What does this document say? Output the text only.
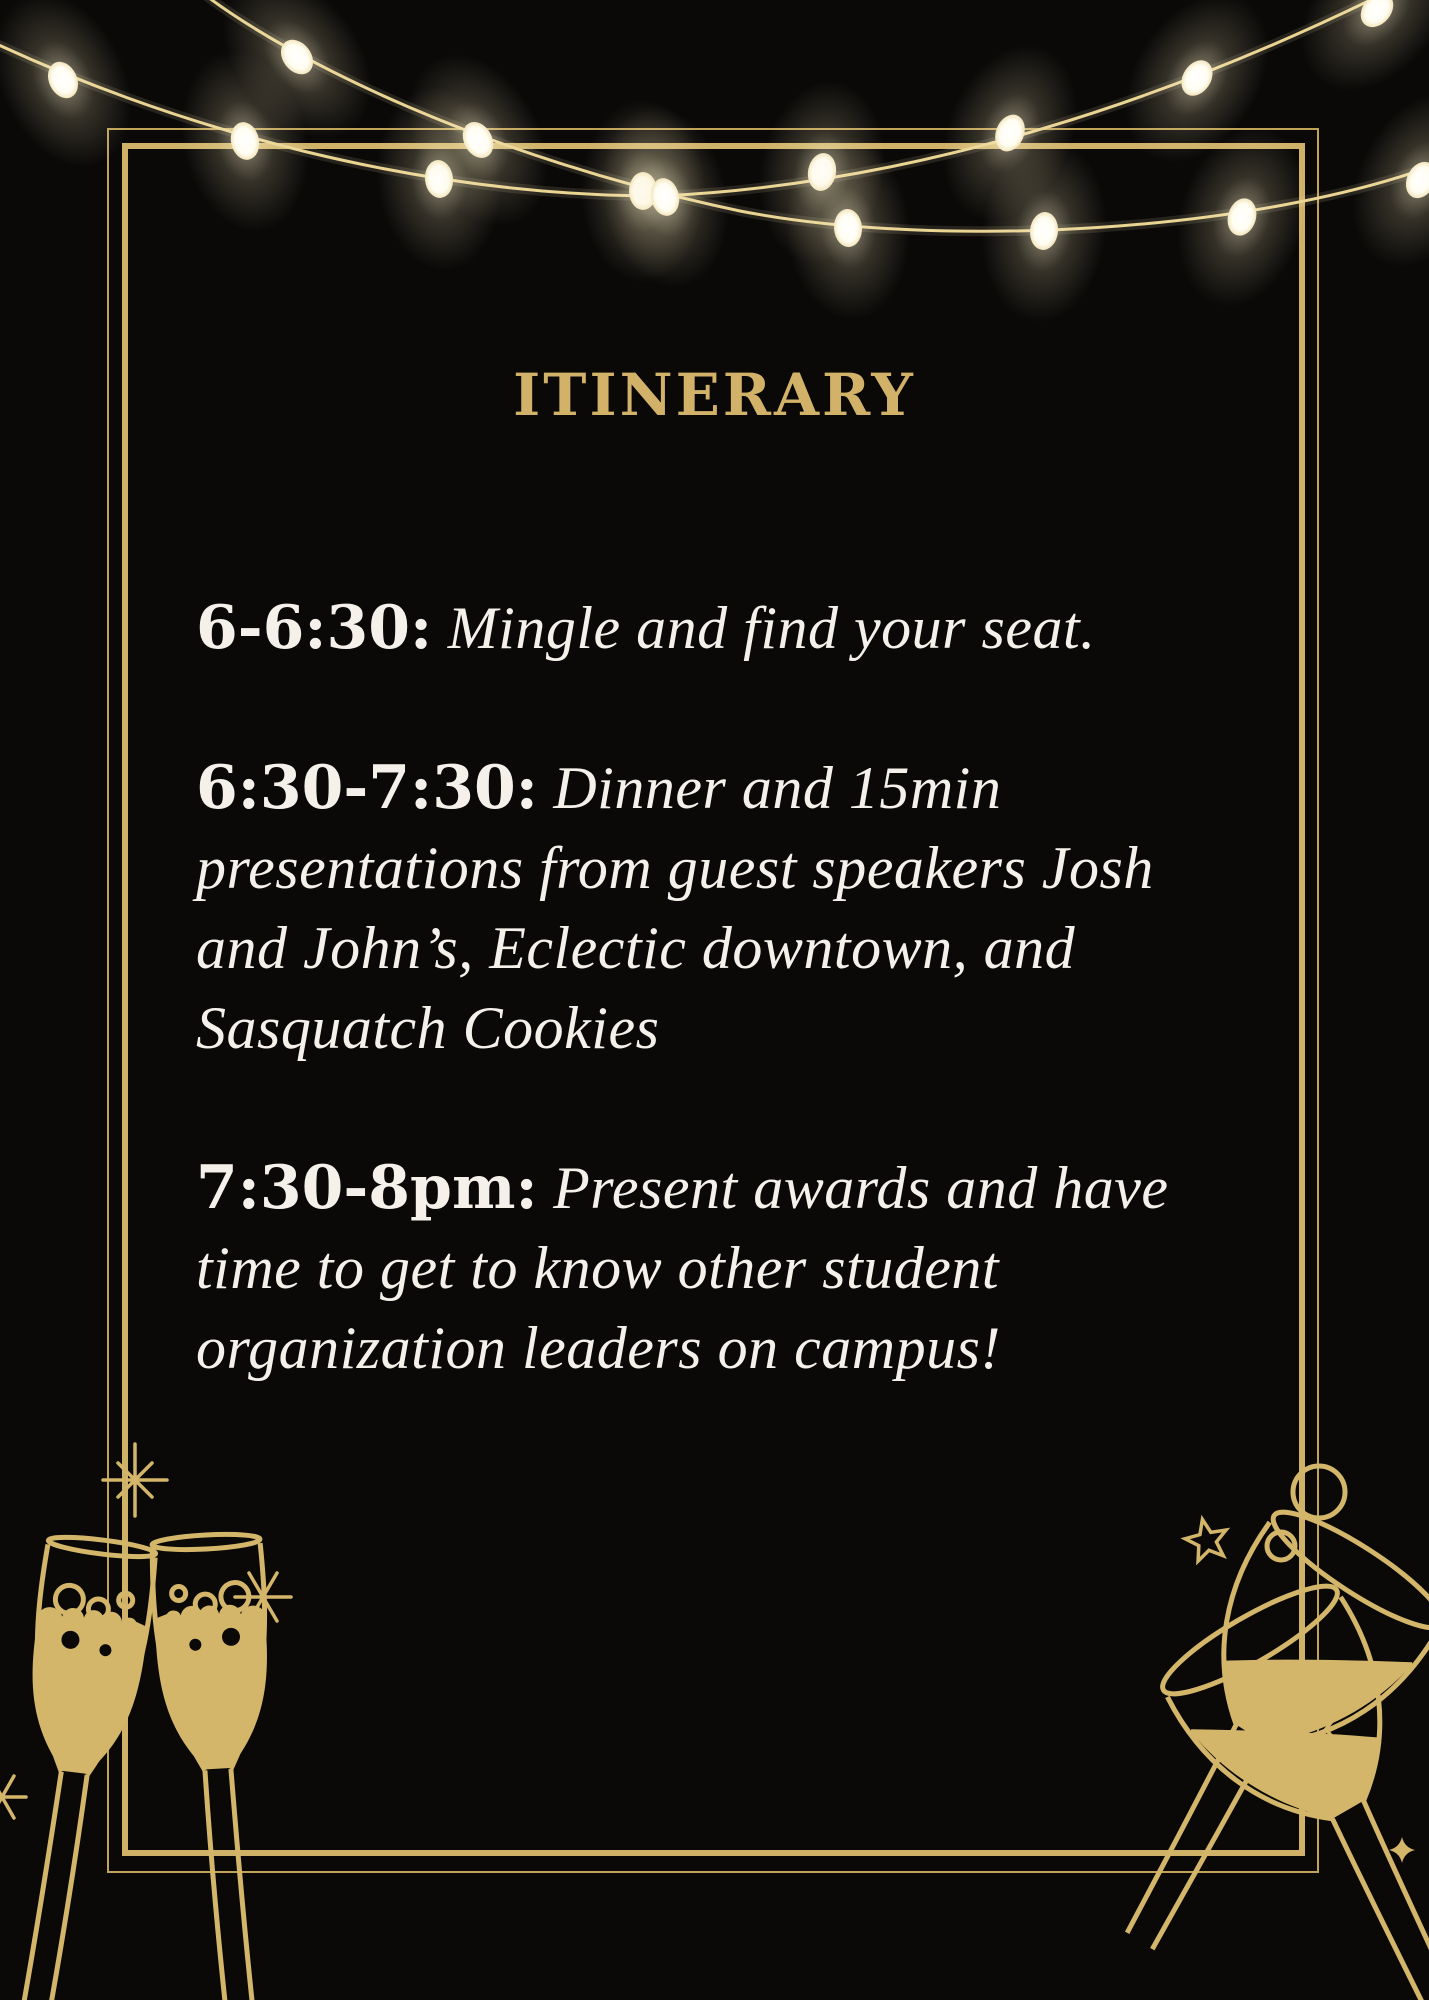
ITINERARY

6-6:30: Mingle and find your seat.

6:30-7:30: Dinner and 15min
presentations from guest speakers Josh
and John’s, Eclectic downtown, and
Sasquatch Cookies

7:30-8pm: Present awards and have
time to get to know other student
organization leaders on campus!
